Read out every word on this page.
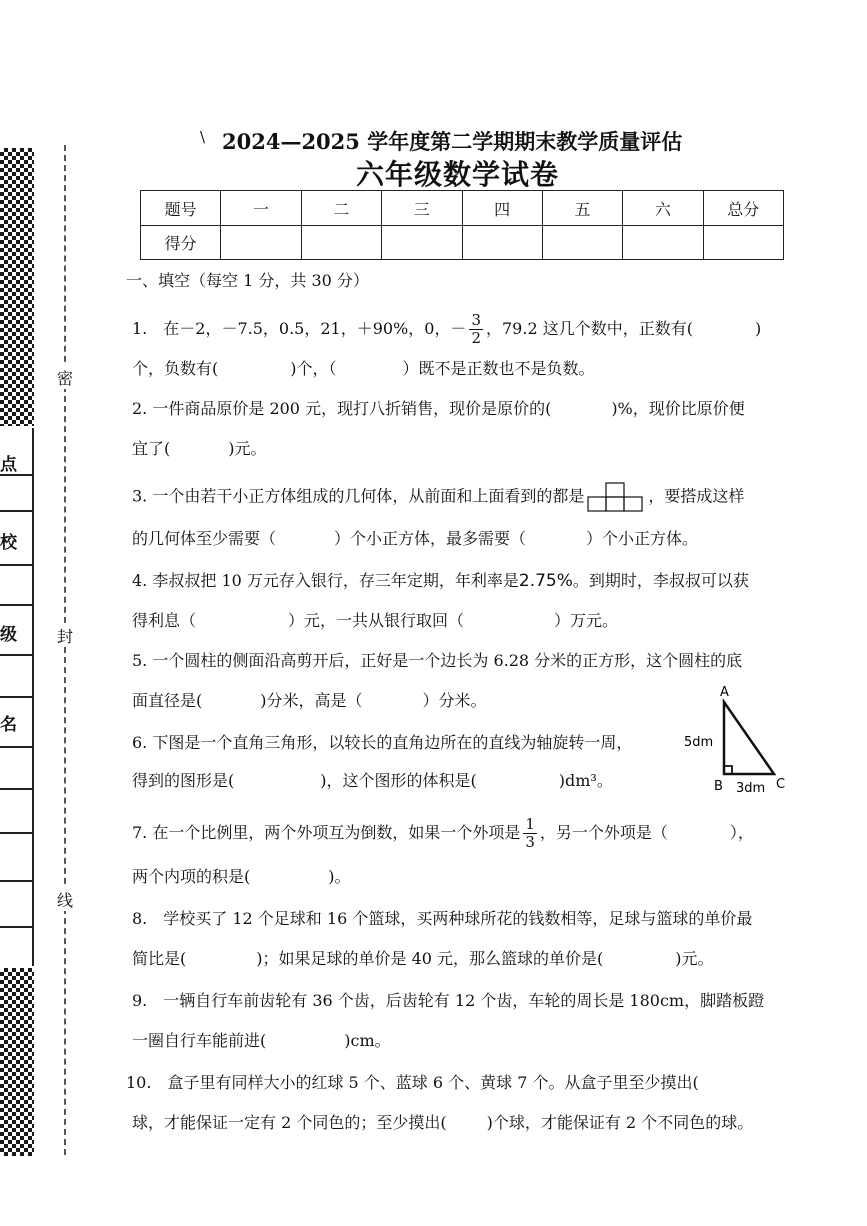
点
校
级
名
密
封
线
\ 2024—2025 学年度第二学期期末教学质量评估
六年级数学试卷
题号	一	二	三	四	五	六	总分
得分							
一、填空（每空 1 分，共 30 分）
1.　在－2，－7.5，0.5，21，＋90%，0，－ $\frac{3}{2}$ ，79.2 这几个数中，正数有(	)
个，负数有(	)个，（	）既不是正数也不是负数。
2. 一件商品原价是 200 元，现打八折销售，现价是原价的(	)%，现价比原价便
宜了(	)元。
3. 一个由若干小正方体组成的几何体，从前面和上面看到的都是	，要搭成这样
的几何体至少需要（	）个小正方体，最多需要（	）个小正方体。
4. 李叔叔把 10 万元存入银行，存三年定期，年利率是2.75%。到期时，李叔叔可以获
得利息（	）元，一共从银行取回（	）万元。
5. 一个圆柱的侧面沿高剪开后，正好是一个边长为 6.28 分米的正方形，这个圆柱的底
面直径是(	)分米，高是（	）分米。
6. 下图是一个直角三角形，以较长的直角边所在的直线为轴旋转一周，
得到的图形是(	)，这个图形的体积是(	)dm³。
A
5dm
B 3dm C
7. 在一个比例里，两个外项互为倒数，如果一个外项是 $\frac{1}{3}$ ，另一个外项是（	），
两个内项的积是(	)。
8.　学校买了 12 个足球和 16 个篮球，买两种球所花的钱数相等，足球与篮球的单价最
简比是(	)；如果足球的单价是 40 元，那么篮球的单价是(	)元。
9.　一辆自行车前齿轮有 36 个齿，后齿轮有 12 个齿，车轮的周长是 180cm，脚踏板蹬
一圈自行车能前进(	)cm。
10.　盒子里有同样大小的红球 5 个、蓝球 6 个、黄球 7 个。从盒子里至少摸出(
球，才能保证一定有 2 个同色的；至少摸出(	)个球，才能保证有 2 个不同色的球。
